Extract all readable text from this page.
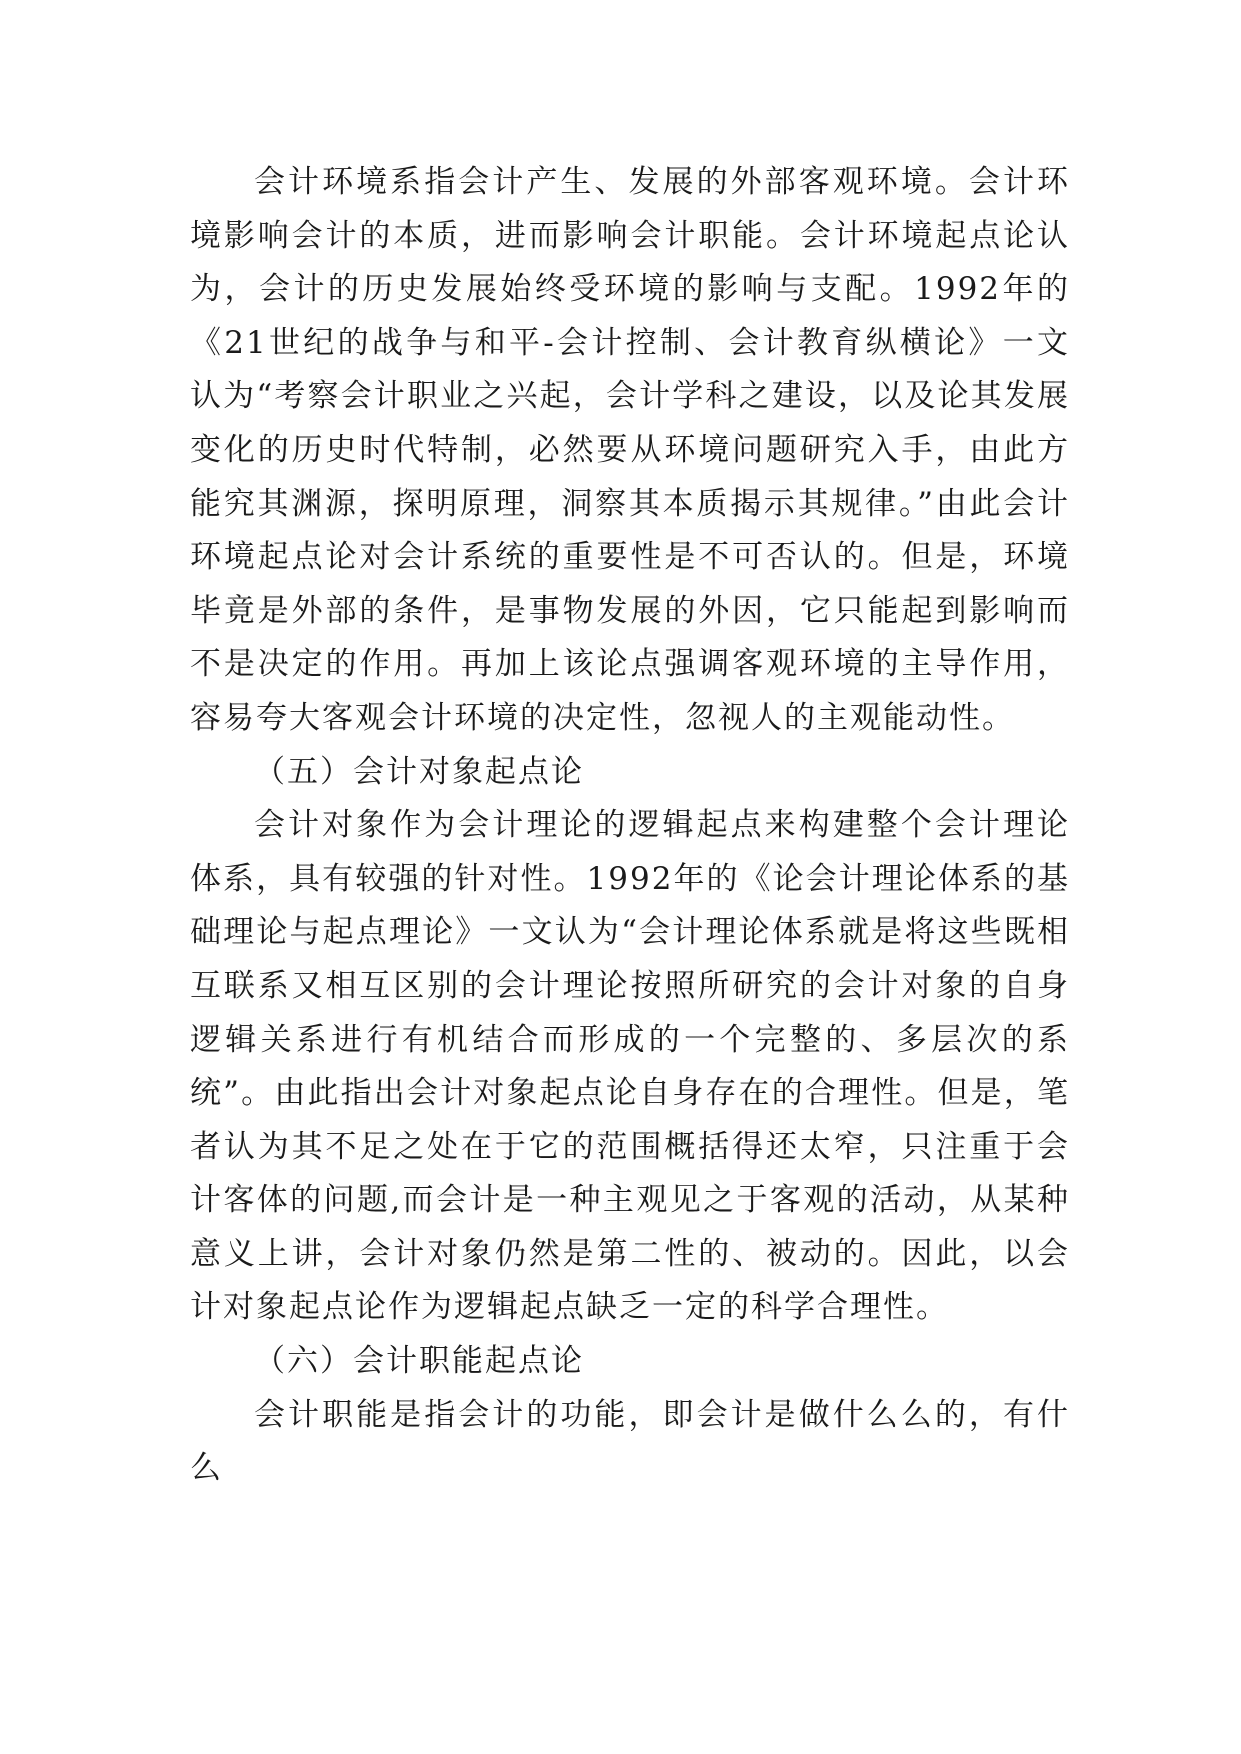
会计环境系指会计产生、发展的外部客观环境。会计环境影响会计的本质，进而影响会计职能。会计环境起点论认为，会计的历史发展始终受环境的影响与支配。1992年的《21世纪的战争与和平-会计控制、会计教育纵横论》一文认为“考察会计职业之兴起，会计学科之建设，以及论其发展变化的历史时代特制，必然要从环境问题研究入手，由此方能究其渊源，探明原理，洞察其本质揭示其规律。”由此会计环境起点论对会计系统的重要性是不可否认的。但是，环境毕竟是外部的条件，是事物发展的外因，它只能起到影响而不是决定的作用。再加上该论点强调客观环境的主导作用，容易夸大客观会计环境的决定性，忽视人的主观能动性。

（五）会计对象起点论

会计对象作为会计理论的逻辑起点来构建整个会计理论体系，具有较强的针对性。1992年的《论会计理论体系的基础理论与起点理论》一文认为“会计理论体系就是将这些既相互联系又相互区别的会计理论按照所研究的会计对象的自身逻辑关系进行有机结合而形成的一个完整的、多层次的系统”。由此指出会计对象起点论自身存在的合理性。但是，笔者认为其不足之处在于它的范围概括得还太窄，只注重于会计客体的问题,而会计是一种主观见之于客观的活动，从某种意义上讲，会计对象仍然是第二性的、被动的。因此，以会计对象起点论作为逻辑起点缺乏一定的科学合理性。

（六）会计职能起点论

会计职能是指会计的功能，即会计是做什么么的，有什么
